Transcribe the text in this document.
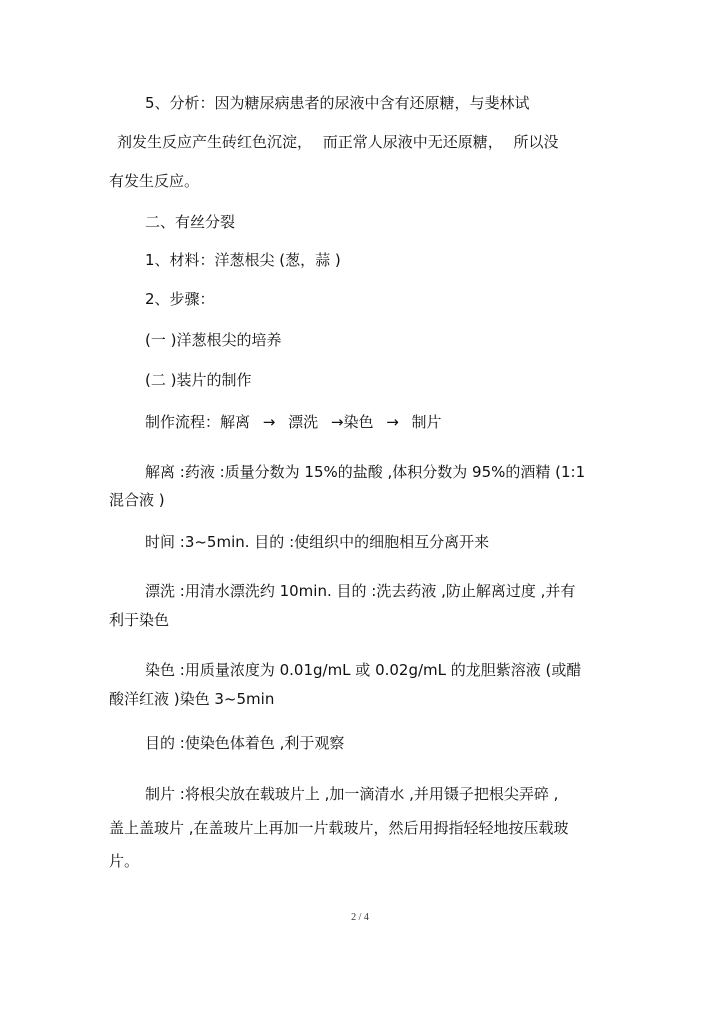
5、分析：因为糖尿病患者的尿液中含有还原糖，与斐林试

剂发生反应产生砖红色沉淀， 而正常人尿液中无还原糖， 所以没

有发生反应。

二、有丝分裂

1、材料：洋葱根尖 (葱，蒜 )

2、步骤：

(一 )洋葱根尖的培养

(二 )装片的制作

制作流程：解离 → 漂洗 →染色 → 制片

解离 :药液 :质量分数为 15%的盐酸 ,体积分数为 95%的酒精 (1:1

混合液 )

时间 :3~5min. 目的 :使组织中的细胞相互分离开来

漂洗 :用清水漂洗约 10min. 目的 :洗去药液 ,防止解离过度 ,并有

利于染色

染色 :用质量浓度为 0.01g/mL 或 0.02g/mL 的龙胆紫溶液 (或醋

酸洋红液 )染色 3~5min

目的 :使染色体着色 ,利于观察

制片 :将根尖放在载玻片上 ,加一滴清水 ,并用镊子把根尖弄碎 ,

盖上盖玻片 ,在盖玻片上再加一片载玻片，然后用拇指轻轻地按压载玻

片。

2 / 4
